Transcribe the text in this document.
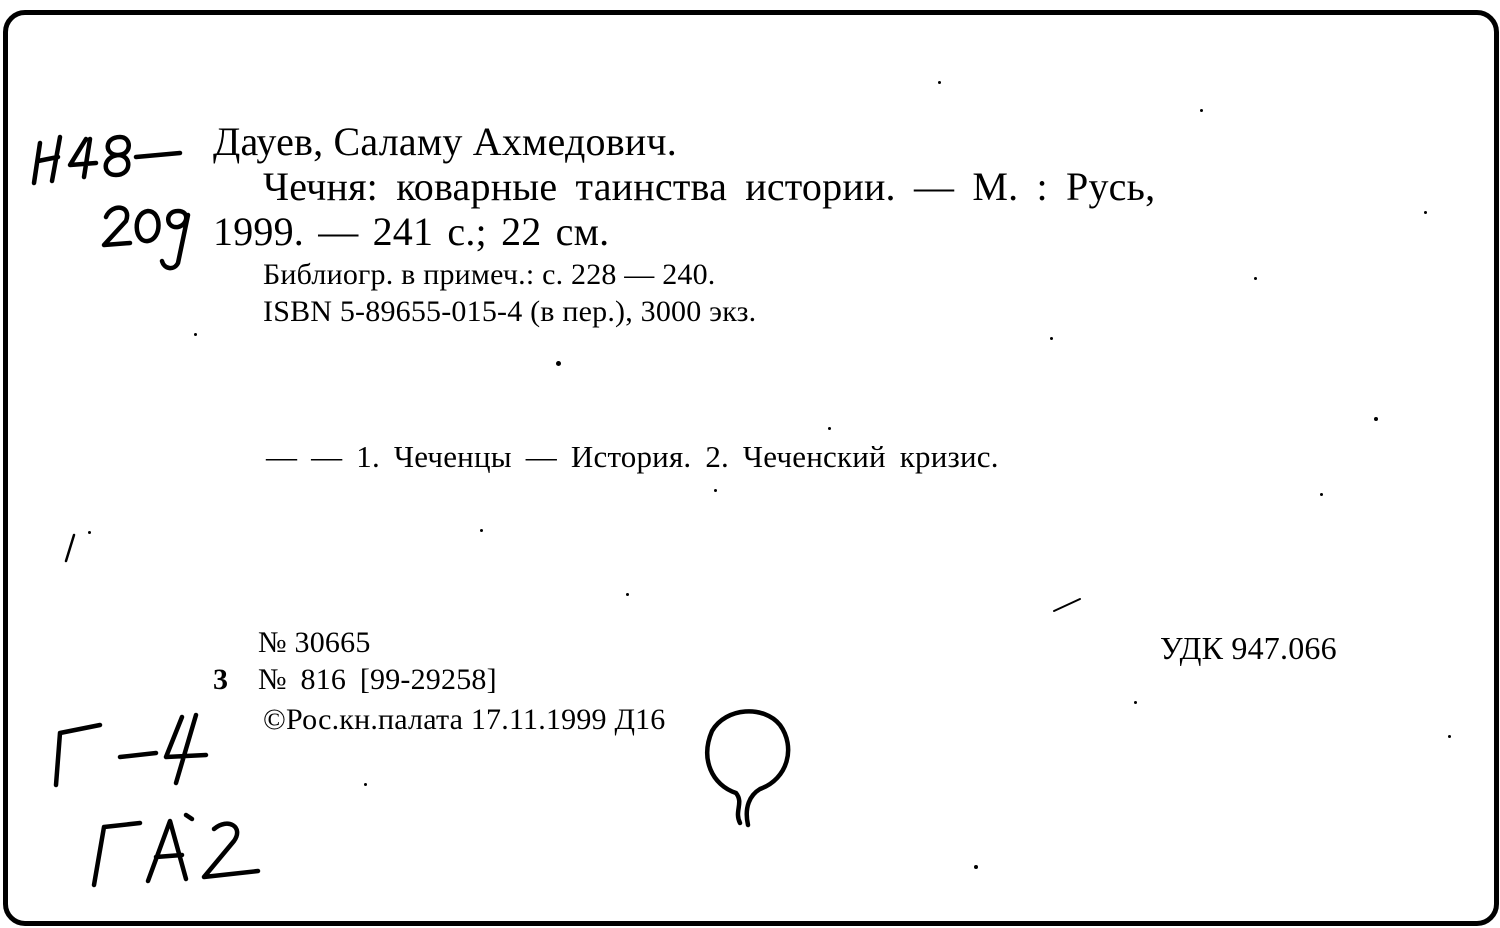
Дауев, Саламу Ахмедович.
Чечня: коварные таинства истории. — М. : Русь,
1999. — 241 с.; 22 см.
Библиогр. в примеч.: с. 228 — 240.
ISBN 5-89655-015-4 (в пер.), 3000 экз.
— — 1. Чеченцы — История. 2. Чеченский кризис.
№ 30665
3 № 816 [99-29258]
©Рос.кн.палата 17.11.1999 Д16
УДК 947.066
